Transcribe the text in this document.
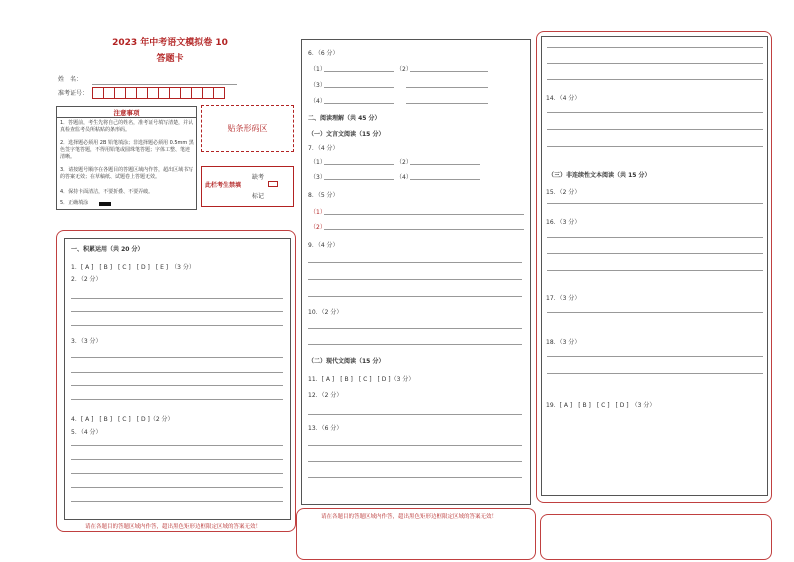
2023 年中考语文模拟卷 10
答题卡
姓　名：
准考证号：
注意事项
1．答题前，考生先将自己的姓名，准考证号填写清楚，并认真检查监考员所粘贴的条形码。
2．选择题必须用 2B 铅笔填涂；非选择题必须用 0.5mm 黑色签字笔答题，不得用铅笔或圆珠笔答题；字体工整、笔迹清晰。
3．请按题号顺序在各题目的答题区域内作答，超出区域书写的答案无效；在草稿纸、试题卷上答题无效。
4．保持卡面清洁，不要折叠、不要弄破。
5．正确填涂
贴条形码区
此栏考生禁填
缺考
标记
一、积累运用（共 20 分）
1．[ A ]　[ B ]　[ C ]　[ D ]　[ E ]　（3 分）
2．（2 分）
3．（3 分）
4．[ A ]　[ B ]　[ C ]　[ D ]（2 分）
5．（4 分）
请在各题目的答题区域内作答，超出黑色矩形边框限定区域的答案无效！
6．（6 分）
（1）	（2）
（3）
（4）
二、阅读理解（共 45 分）
（一）文言文阅读（15 分）
7．（4 分）
（1）	（2）
（3）	（4）
8．（5 分）
（1）
（2）
9．（4 分）
10．（2 分）
（二）现代文阅读（15 分）
11．[ A ]　[ B ]　[ C ]　[ D ]（3 分）
12．（2 分）
13．（6 分）
请在各题目的答题区域内作答，超出黑色矩形边框限定区域的答案无效！
14．（4 分）
（三）非连续性文本阅读（共 15 分）
15．（2 分）
16．（3 分）
17．（3 分）
18．（3 分）
19．[ A ]　[ B ]　[ C ]　[ D ]　（3 分）
